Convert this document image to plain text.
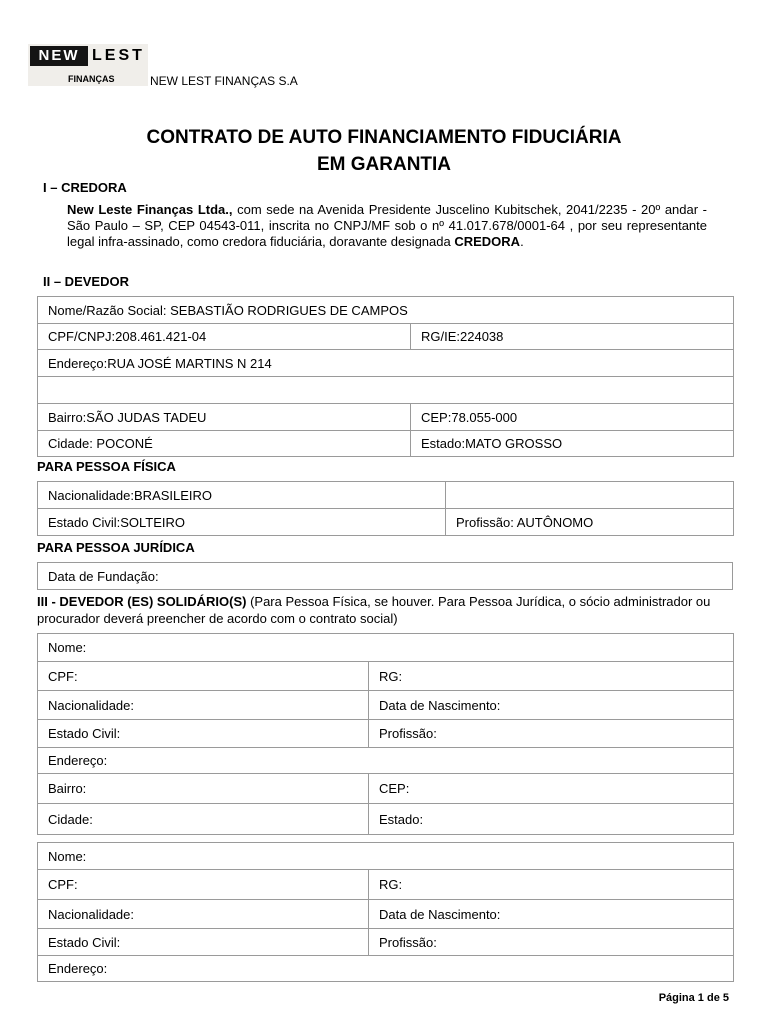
NEW LEST
FINANÇAS	NEW LEST FINANÇAS S.A
CONTRATO DE AUTO FINANCIAMENTO FIDUCIÁRIA
EM GARANTIA
I – CREDORA
New Leste Finanças Ltda., com sede na Avenida Presidente Juscelino Kubitschek, 2041/2235 - 20º andar - São Paulo – SP, CEP 04543-011, inscrita no CNPJ/MF sob o nº 41.017.678/0001-64 , por seu representante legal infra-assinado, como credora fiduciária, doravante designada CREDORA.
II – DEVEDOR
Nome/Razão Social: SEBASTIÃO RODRIGUES DE CAMPOS	
CPF/CNPJ:208.461.421-04	RG/IE:224038
Endereço:RUA JOSÉ MARTINS N 214	

Bairro:SÃO JUDAS TADEU	CEP:78.055-000
Cidade: POCONÉ	Estado:MATO GROSSO
PARA PESSOA FÍSICA
Nacionalidade:BRASILEIRO	
Estado Civil:SOLTEIRO	Profissão: AUTÔNOMO
PARA PESSOA JURÍDICA
Data de Fundação:
III - DEVEDOR (ES) SOLIDÁRIO(S) (Para Pessoa Física, se houver. Para Pessoa Jurídica, o sócio administrador ou procurador deverá preencher de acordo com o contrato social)
Nome:	
CPF:	RG:
Nacionalidade:	Data de Nascimento:
Estado Civil:	Profissão:
Endereço:	
Bairro:	CEP:
Cidade:	Estado:
Nome:	
CPF:	RG:
Nacionalidade:	Data de Nascimento:
Estado Civil:	Profissão:
Endereço:	
Página 1 de 5
